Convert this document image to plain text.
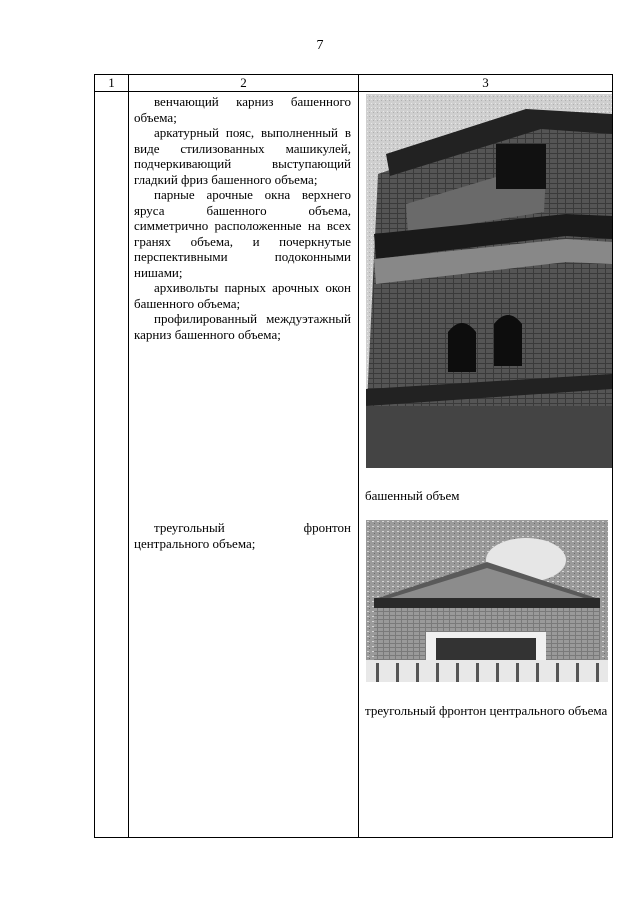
7
1	2	3

венчающий карниз башенного объема;

аркатурный пояс, выполненный в виде стилизованных машикулей, подчеркивающий выступающий гладкий фриз башенного объема;

парные арочные окна верхнего яруса башенного объема, симметрично расположенные на всех гранях объема, и почеркнутые перспективными подоконными нишами;

архивольты парных арочных окон башенного объема;

профилированный междуэтажный карниз башенного объема;

треугольный фронтон центрального объема;

башенный объем
треугольный фронтон центрального объема
